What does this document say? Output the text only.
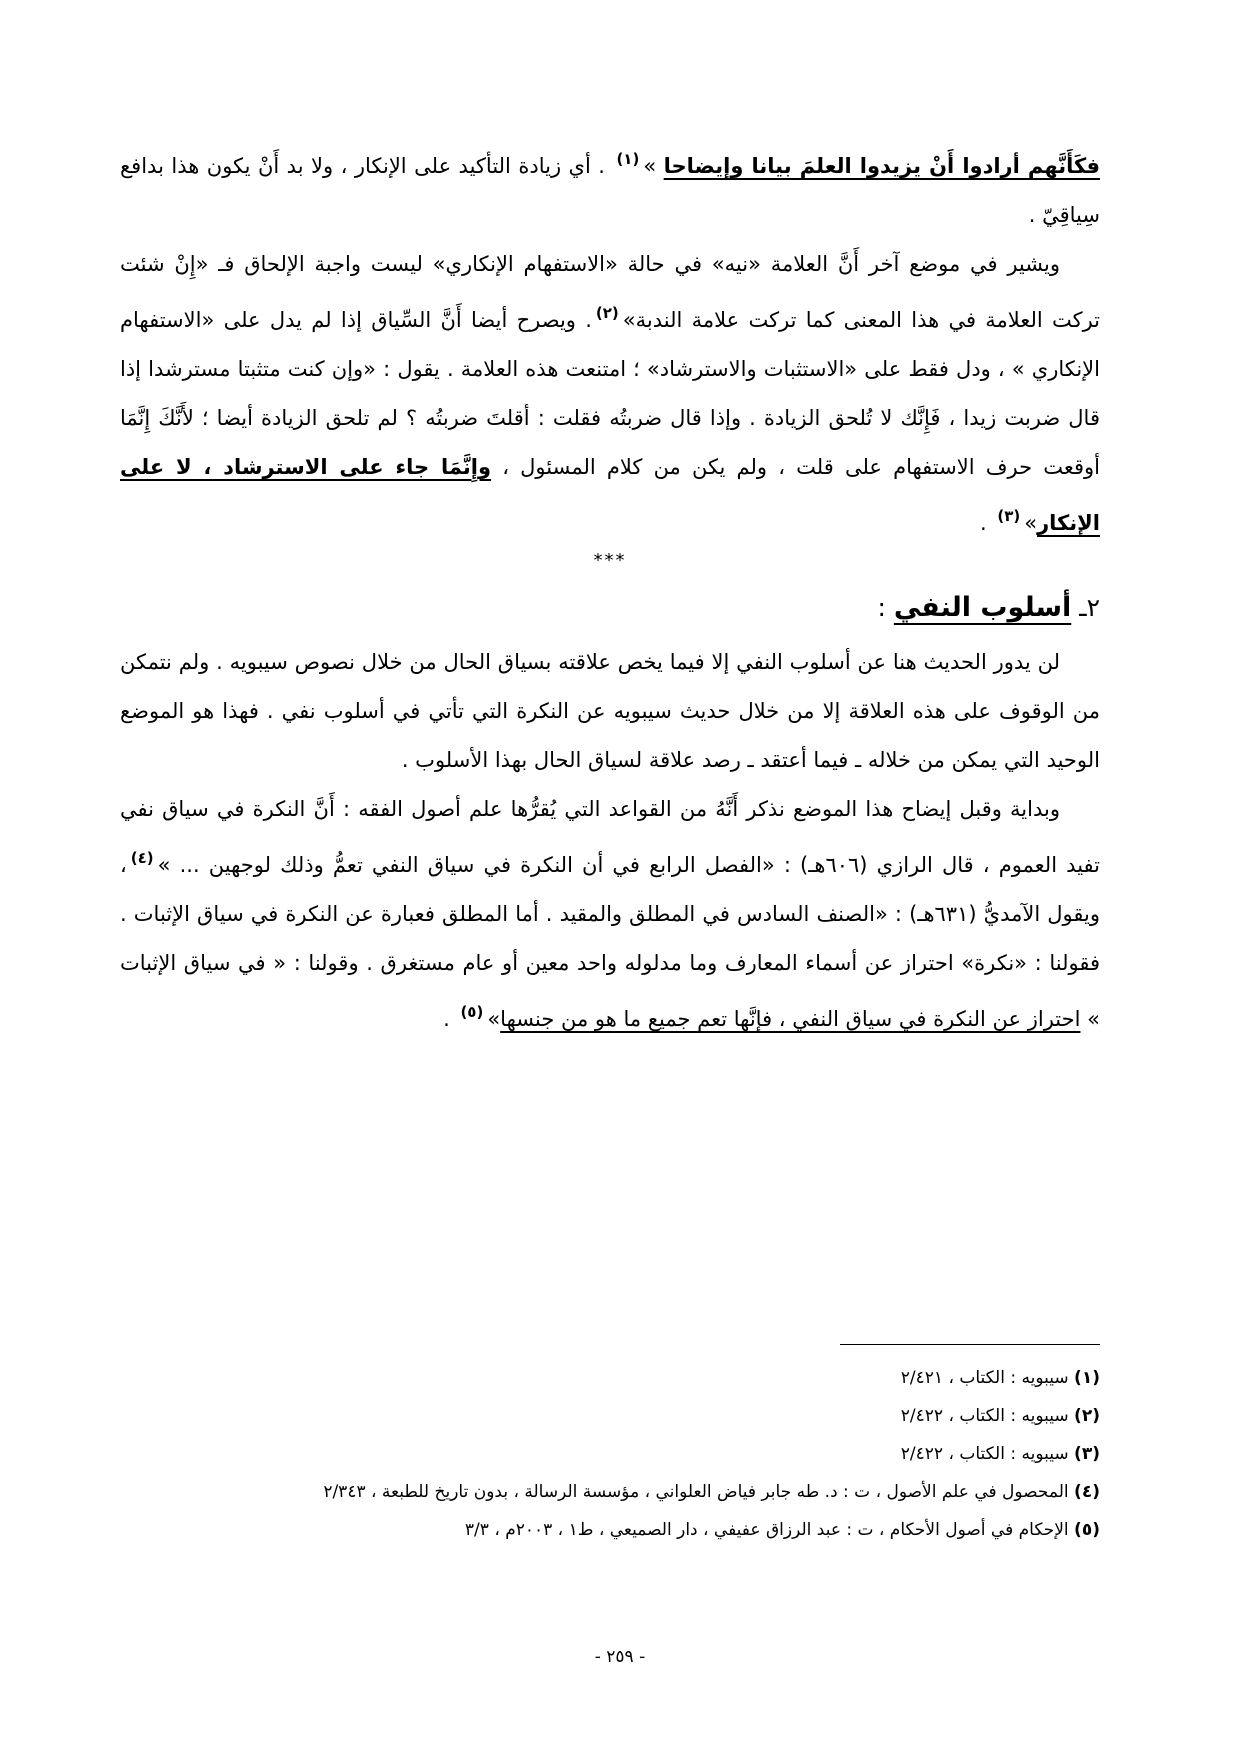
فكَأَنَّهم أرادوا أَنْ يزيدوا العلمَ بيانا وإيضاحا »$^{(١)}$ . أي زيادة التأكيد على الإنكار ، ولا بد أَنْ يكون هذا بدافع سِياقِيّ .

ويشير في موضع آخر أَنَّ العلامة «نيه» في حالة «الاستفهام الإنكاري» ليست واجبة الإلحاق فـ «إِنْ شئت تركت العلامة في هذا المعنى كما تركت علامة الندبة»$^{(٢)}$. ويصرح أيضا أَنَّ السِّياق إذا لم يدل على «الاستفهام الإنكاري » ، ودل فقط على «الاستثبات والاسترشاد» ؛ امتنعت هذه العلامة . يقول : «وإن كنت متثبتا مسترشدا إذا قال ضربت زيدا ، فَإِنَّك لا تُلحق الزيادة . وإذا قال ضربتُه فقلت : أقلتَ ضربتُه ؟ لم تلحق الزيادة أيضا ؛ لأَنَّكَ إِنَّمَا أوقعت حرف الاستفهام على قلت ، ولم يكن من كلام المسئول ، وإِنَّمَا جاء على الاسترشاد ، لا على الإنكار»$^{(٣)}$ .

***

٢ـ أسلوب النفي :

لن يدور الحديث هنا عن أسلوب النفي إلا فيما يخص علاقته بسياق الحال من خلال نصوص سيبويه . ولم نتمكن من الوقوف على هذه العلاقة إلا من خلال حديث سيبويه عن النكرة التي تأتي في أسلوب نفي . فهذا هو الموضع الوحيد التي يمكن من خلاله ـ فيما أعتقد ـ رصد علاقة لسياق الحال بهذا الأسلوب .

وبداية وقبل إيضاح هذا الموضع نذكر أَنَّهُ من القواعد التي يُقرُّها علم أصول الفقه : أَنَّ النكرة في سياق نفي تفيد العموم ، قال الرازي (٦٠٦هـ) : «الفصل الرابع في أن النكرة في سياق النفي تعمُّ وذلك لوجهين ... »$^{(٤)}$، ويقول الآمديُّ (٦٣١هـ) : «الصنف السادس في المطلق والمقيد . أما المطلق فعبارة عن النكرة في سياق الإثبات . فقولنا : «نكرة» احتراز عن أسماء المعارف وما مدلوله واحد معين أو عام مستغرق . وقولنا : « في سياق الإثبات » احتراز عن النكرة في سياق النفي ، فإنَّها تعم جميع ما هو من جنسها»$^{(٥)}$ .

(١) سيبويه : الكتاب ، ٢/٤٢١

(٢) سيبويه : الكتاب ، ٢/٤٢٢

(٣) سيبويه : الكتاب ، ٢/٤٢٢

(٤) المحصول في علم الأصول ، ت : د. طه جابر فياض العلواني ، مؤسسة الرسالة ، بدون تاريخ للطبعة ، ٢/٣٤٣

(٥) الإحكام في أصول الأحكام ، ت : عبد الرزاق عفيفي ، دار الصميعي ، ط١ ، ٢٠٠٣م ، ٣/٣

- ٢٥٩ -
